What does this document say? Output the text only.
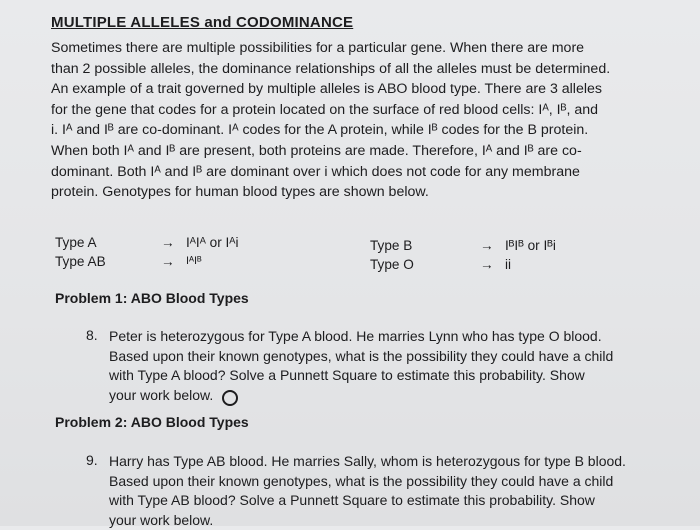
MULTIPLE ALLELES and CODOMINANCE
Sometimes there are multiple possibilities for a particular gene. When there are more
than 2 possible alleles, the dominance relationships of all the alleles must be determined.
An example of a trait governed by multiple alleles is ABO blood type. There are 3 alleles
for the gene that codes for a protein located on the surface of red blood cells: Iᴬ, Iᴮ, and
i. Iᴬ and Iᴮ are co-dominant. Iᴬ codes for the A protein, while Iᴮ codes for the B protein.
When both Iᴬ and Iᴮ are present, both proteins are made. Therefore, Iᴬ and Iᴮ are co-
dominant. Both Iᴬ and Iᴮ are dominant over i which does not code for any membrane
protein. Genotypes for human blood types are shown below.
Type A	→ IᴬIᴬ or Iᴬi
Type AB	→ IᴬIᴮ
Type B	→ IᴮIᴮ or Iᴮi
Type O	→ ii
Problem 1: ABO Blood Types
8. Peter is heterozygous for Type A blood. He marries Lynn who has type O blood.
Based upon their known genotypes, what is the possibility they could have a child
with Type A blood? Solve a Punnett Square to estimate this probability. Show
your work below.
Problem 2: ABO Blood Types
9. Harry has Type AB blood. He marries Sally, whom is heterozygous for type B blood.
Based upon their known genotypes, what is the possibility they could have a child
with Type AB blood? Solve a Punnett Square to estimate this probability. Show
your work below.
